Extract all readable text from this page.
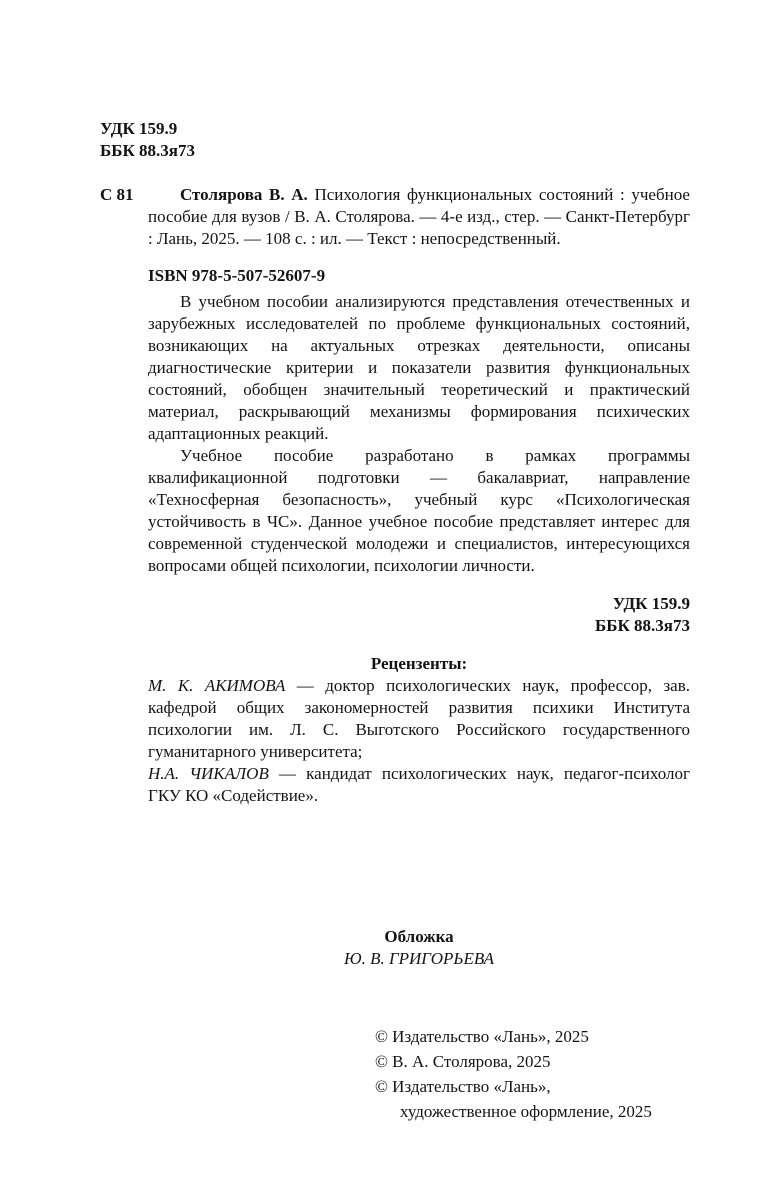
УДК 159.9
ББК 88.3я73
С 81	Столярова В. А. Психология функциональных состояний : учебное пособие для вузов / В. А. Столярова. — 4-е изд., стер. — Санкт-Петербург : Лань, 2025. — 108 с. : ил. — Текст : непосредственный.

ISBN 978-5-507-52607-9

В учебном пособии анализируются представления отечественных и зарубежных исследователей по проблеме функциональных состояний, возникающих на актуальных отрезках деятельности, описаны диагностические критерии и показатели развития функциональных состояний, обобщен значительный теоретический и практический материал, раскрывающий механизмы формирования психических адаптационных реакций.

Учебное пособие разработано в рамках программы квалификационной подготовки — бакалавриат, направление «Техносферная безопасность», учебный курс «Психологическая устойчивость в ЧС». Данное учебное пособие представляет интерес для современной студенческой молодежи и специалистов, интересующихся вопросами общей психологии, психологии личности.

УДК 159.9
ББК 88.3я73
Рецензенты:

М. К. АКИМОВА — доктор психологических наук, профессор, зав. кафедрой общих закономерностей развития психики Института психологии им. Л. С. Выготского Российского государственного гуманитарного университета;

Н.А. ЧИКАЛОВ — кандидат психологических наук, педагог-психолог ГКУ КО «Содействие».

Обложка
Ю. В. ГРИГОРЬЕВА
© Издательство «Лань», 2025
© В. А. Столярова, 2025
© Издательство «Лань»,
художественное оформление, 2025
